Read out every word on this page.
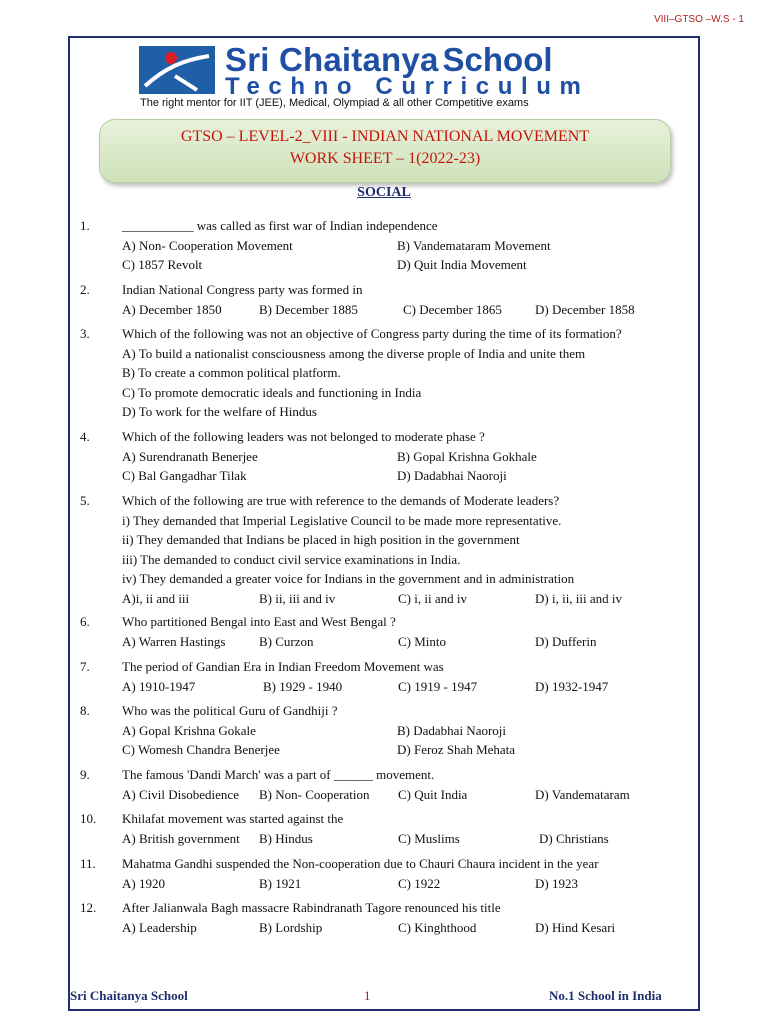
VIII–GTSO –W.S - 1
Sri Chaitanya School
Techno Curriculum
The right mentor for IIT (JEE), Medical, Olympiad & all other Competitive exams
GTSO – LEVEL-2_VIII - INDIAN NATIONAL MOVEMENT
WORK SHEET – 1(2022-23)
SOCIAL
1. ___________ was called as first war of Indian independence
A) Non- Cooperation Movement	B) Vandemataram Movement
C) 1857 Revolt	D) Quit India Movement
2. Indian National Congress party was formed in
A) December 1850	B) December 1885	C) December 1865	D) December 1858
3. Which of the following was not an objective of Congress party during the time of its formation?
A) To build a nationalist consciousness among the diverse prople of India and unite them
B) To create a common political platform.
C) To promote democratic ideals and functioning in India
D) To work for the welfare of Hindus
4. Which of the following leaders was not belonged to moderate phase ?
A) Surendranath Benerjee	B) Gopal Krishna Gokhale
C) Bal Gangadhar Tilak	D) Dadabhai Naoroji
5. Which of the following are true with reference to the demands of Moderate leaders?
i) They demanded that Imperial Legislative Council to be made more representative.
ii) They demanded that Indians be placed in high position in the government
iii) The demanded to conduct civil service examinations in India.
iv) They demanded a greater voice for Indians in the government and in administration
A)i, ii and iii	B) ii, iii and iv	C) i, ii and iv	D) i, ii, iii and iv
6. Who partitioned Bengal into East and West Bengal ?
A) Warren Hastings	B) Curzon	C) Minto	D) Dufferin
7. The period of Gandian Era in Indian Freedom Movement was
A) 1910-1947	B) 1929 - 1940	C) 1919 - 1947	D) 1932-1947
8. Who was the political Guru of Gandhiji ?
A) Gopal Krishna Gokale	B) Dadabhai Naoroji
C) Womesh Chandra Benerjee	D) Feroz Shah Mehata
9. The famous 'Dandi March' was a part of ______ movement.
A) Civil Disobedience B) Non- Cooperation C) Quit India	D) Vandemataram
10. Khilafat movement was started against the
A) British government B) Hindus	C) Muslims	D) Christians
11. Mahatma Gandhi suspended the Non-cooperation due to Chauri Chaura incident in the year
A) 1920	B) 1921	C) 1922	D) 1923
12. After Jalianwala Bagh massacre Rabindranath Tagore renounced his title
A) Leadership	B) Lordship	C) Kinghthood	D) Hind Kesari
Sri Chaitanya School	1	No.1 School in India
